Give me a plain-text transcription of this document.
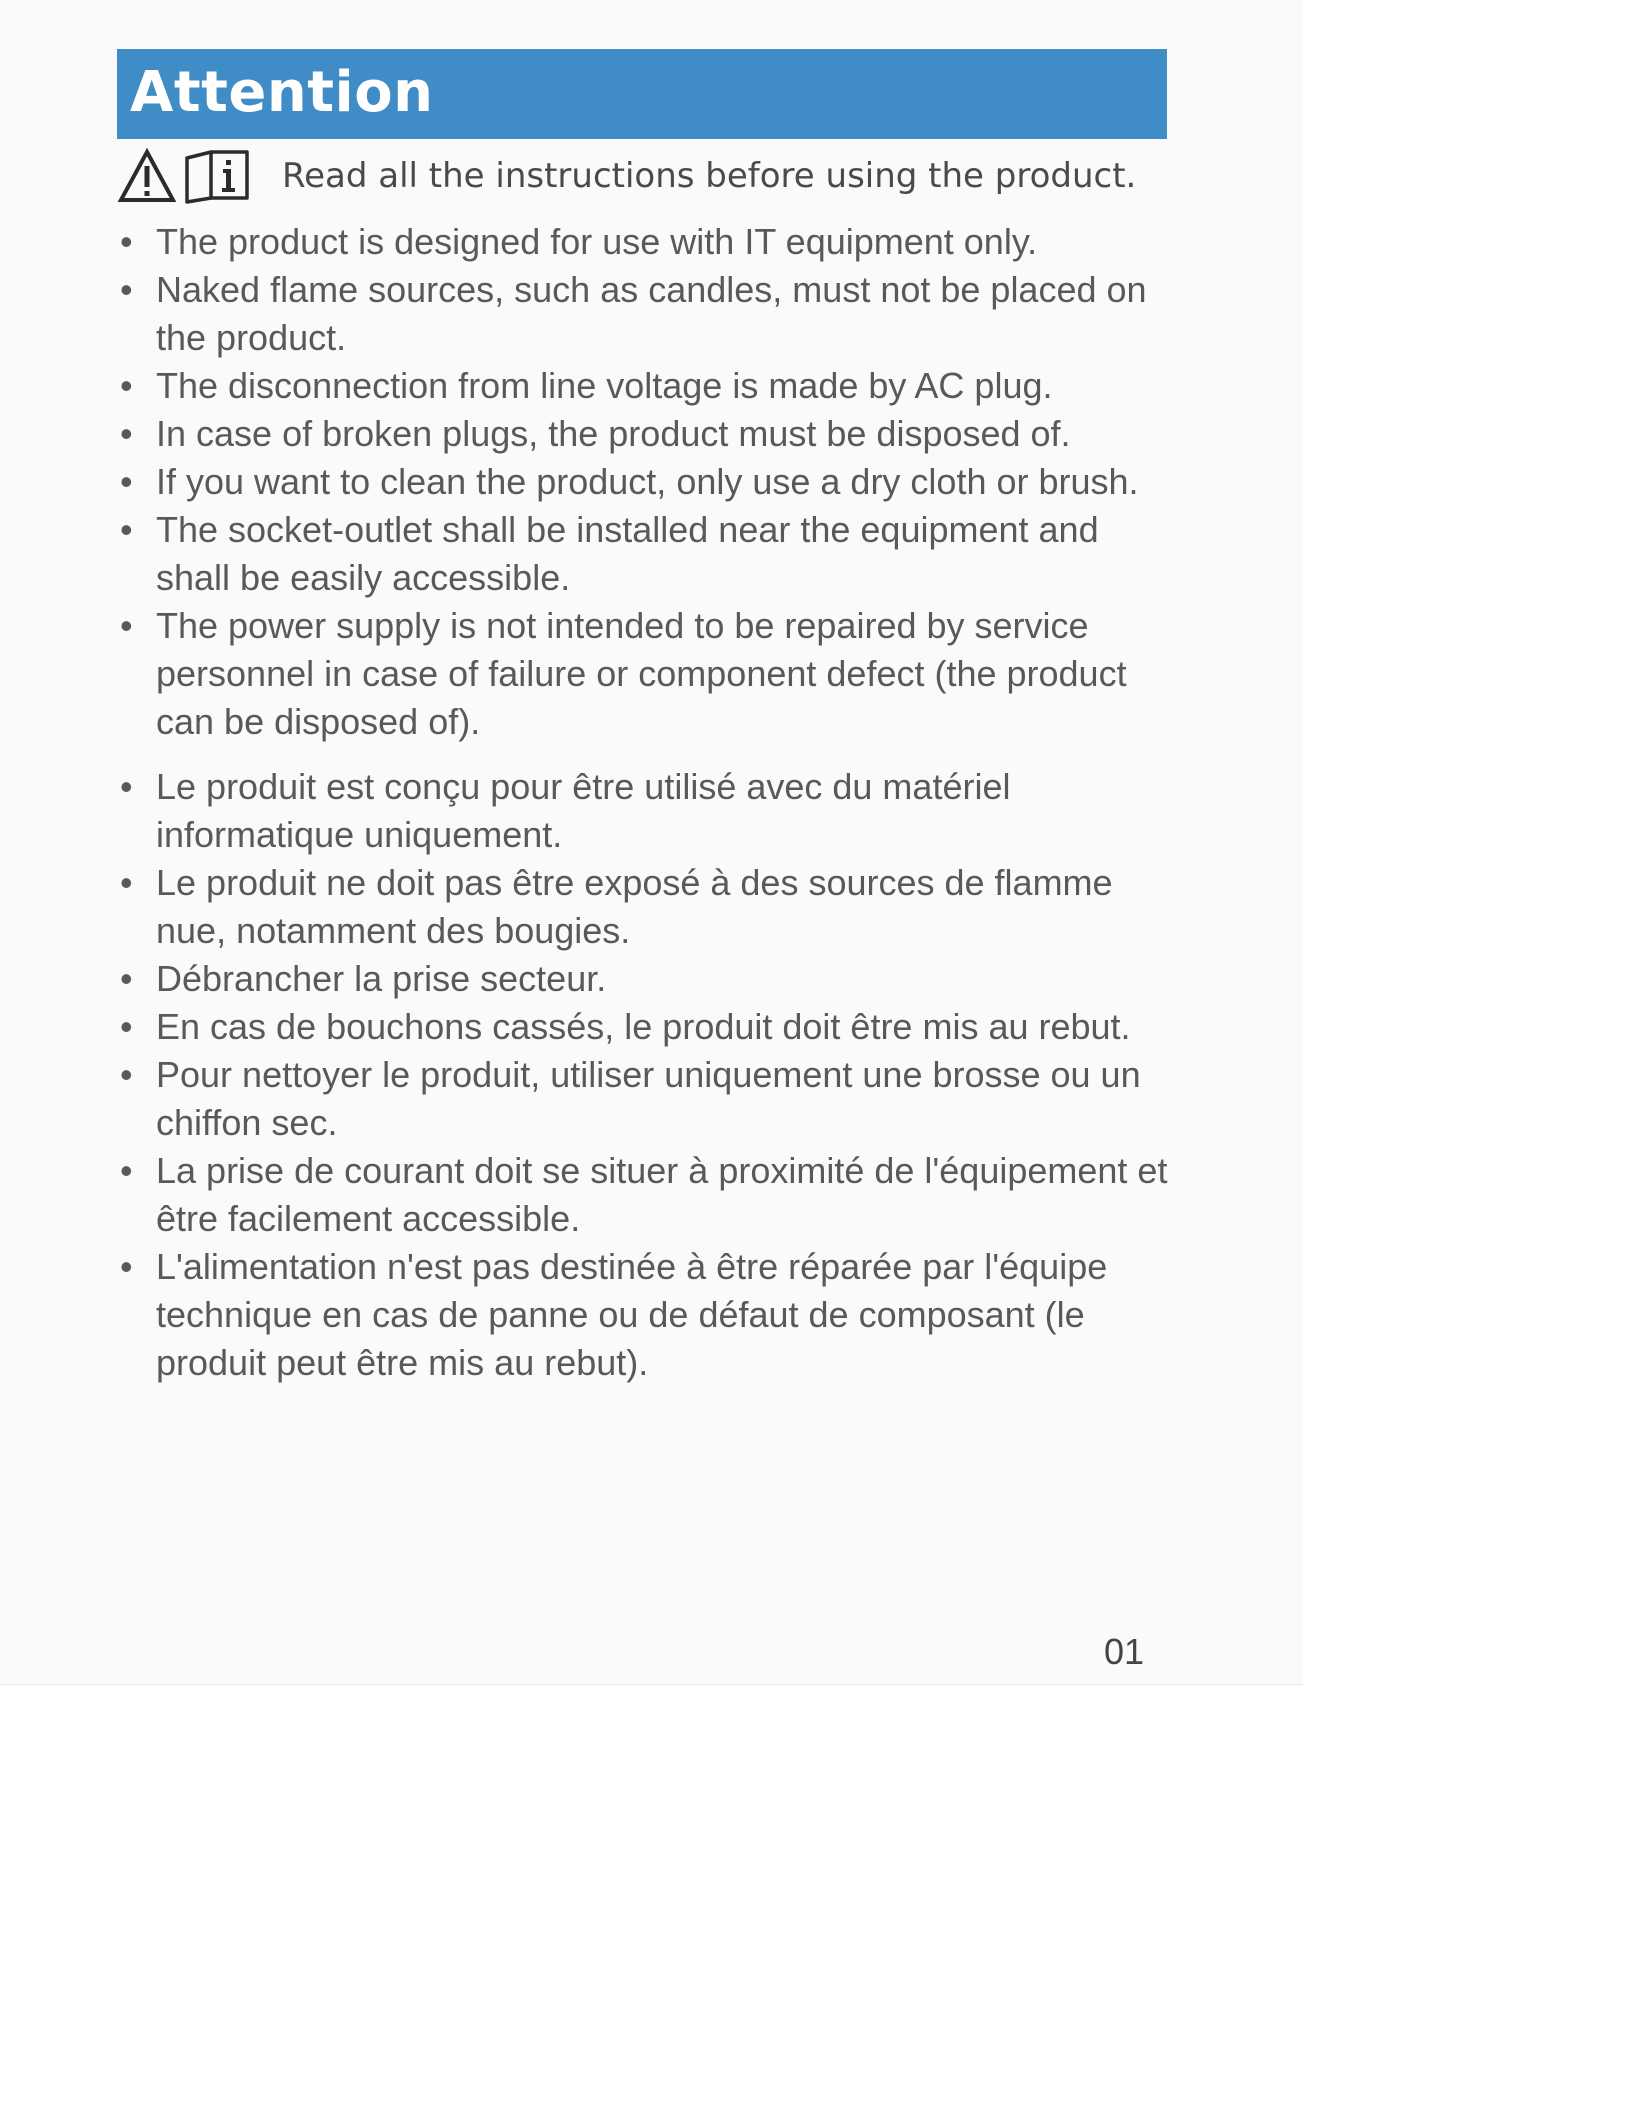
Attention
Read all the instructions before using the product.
• The product is designed for use with IT equipment only.
• Naked flame sources, such as candles, must not be placed on the product.
• The disconnection from line voltage is made by AC plug.
• In case of broken plugs, the product must be disposed of.
• If you want to clean the product, only use a dry cloth or brush.
• The socket-outlet shall be installed near the equipment and shall be easily accessible.
• The power supply is not intended to be repaired by service personnel in case of failure or component defect (the product can be disposed of).
• Le produit est conçu pour être utilisé avec du matériel informatique uniquement.
• Le produit ne doit pas être exposé à des sources de flamme nue, notamment des bougies.
• Débrancher la prise secteur.
• En cas de bouchons cassés, le produit doit être mis au rebut.
• Pour nettoyer le produit, utiliser uniquement une brosse ou un chiffon sec.
• La prise de courant doit se situer à proximité de l'équipement et être facilement accessible.
• L'alimentation n'est pas destinée à être réparée par l'équipe technique en cas de panne ou de défaut de composant (le produit peut être mis au rebut).
01
